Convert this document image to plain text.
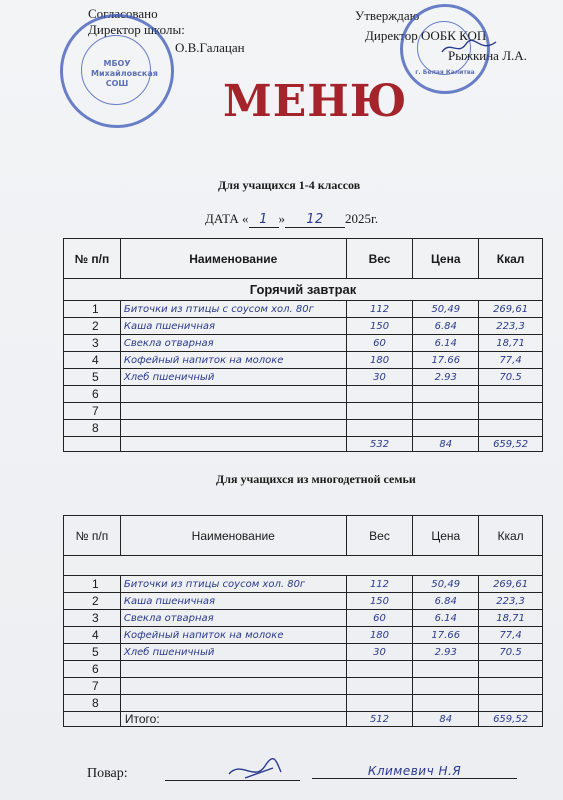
Согласовано
Директор школы:
О.В.Галацан
Утверждаю
Директор ООБК КОП
Рыжкина Л.А.
МБОУ Михайловская СОШ
г. Белая Калитва
МЕНЮ
Для учащихся 1-4 классов
ДАТА « 1 » 12 2025г.
№ п/п	Наименование	Вес	Цена	Ккал
Горячий завтрак				
1	Биточки из птицы с соусом хол. 80г	112	50,49	269,61
2	Каша пшеничная	150	6.84	223,3
3	Свекла отварная	60	6.14	18,71
4	Кофейный напиток на молоке	180	17.66	77,4
5	Хлеб пшеничный	30	2.93	70.5
6				
7				
8				
		532	84	659,52
Для учащихся из многодетной семьи
№ п/п	Наименование	Вес	Цена	Ккал

1	Биточки из птицы соусом хол. 80г	112	50,49	269,61
2	Каша пшеничная	150	6.84	223,3
3	Свекла отварная	60	6.14	18,71
4	Кофейный напиток на молоке	180	17.66	77,4
5	Хлеб пшеничный	30	2.93	70.5
6				
7				
8				
	Итого:	512	84	659,52
Повар:	Климевич Н.Я
